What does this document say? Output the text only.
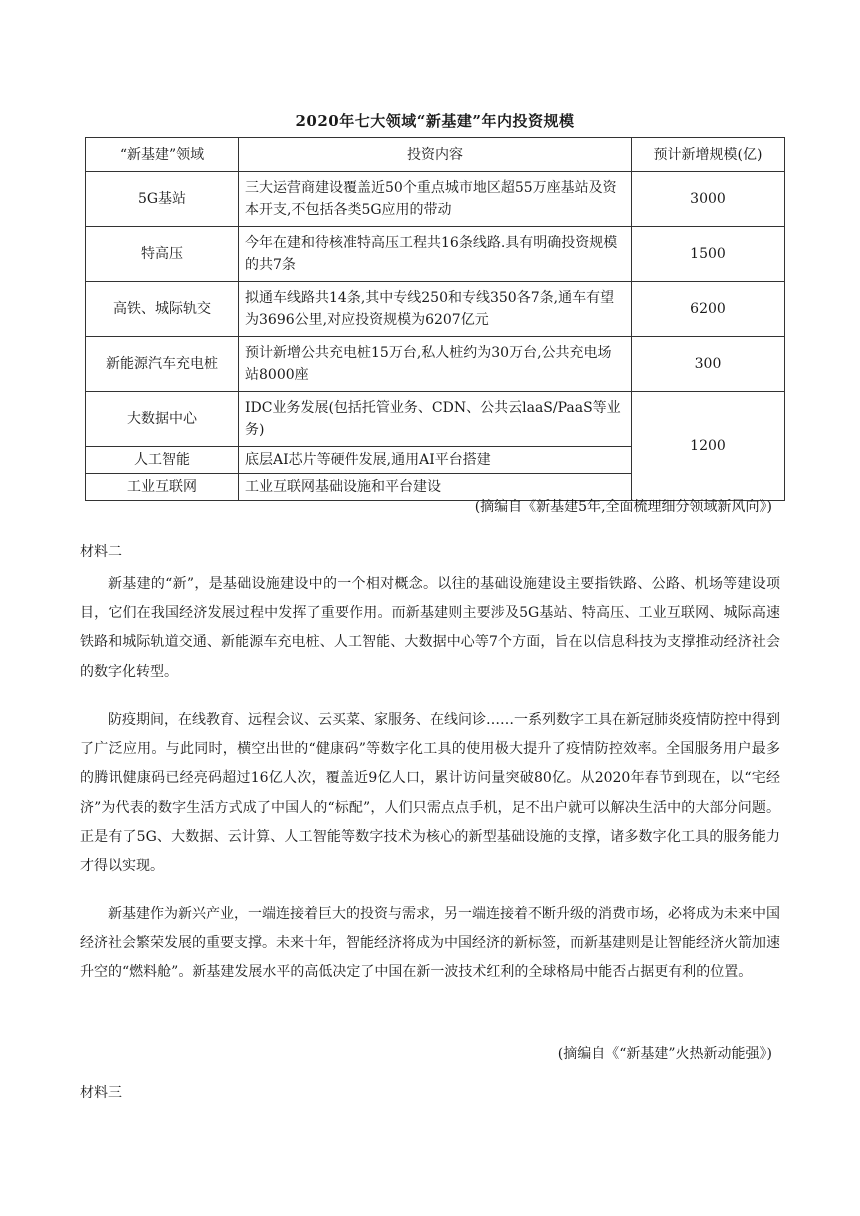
2020年七大领域“新基建”年内投资规模
“新基建”领域	投资内容	预计新增规模(亿)
5G基站	三大运营商建设覆盖近50个重点城市地区超55万座基站及资本开支,不包括各类5G应用的带动	3000
特高压	今年在建和待核准特高压工程共16条线路.具有明确投资规模的共7条	1500
高铁、城际轨交	拟通车线路共14条,其中专线250和专线350各7条,通车有望为3696公里,对应投资规模为6207亿元	6200
新能源汽车充电桩	预计新增公共充电桩15万台,私人桩约为30万台,公共充电场站8000座	300
大数据中心	IDC业务发展(包括托管业务、CDN、公共云laaS/PaaS等业务)	1200
人工智能	底层AI芯片等硬件发展,通用AI平台搭建	
工业互联网	工业互联网基础设施和平台建设	
(摘编自《新基建5年,全面梳理细分领域新风向》)
材料二

新基建的“新”，是基础设施建设中的一个相对概念。以往的基础设施建设主要指铁路、公路、机场等建设项目，它们在我国经济发展过程中发挥了重要作用。而新基建则主要涉及5G基站、特高压、工业互联网、城际高速铁路和城际轨道交通、新能源车充电桩、人工智能、大数据中心等7个方面，旨在以信息科技为支撑推动经济社会的数字化转型。

防疫期间，在线教育、远程会议、云买菜、家服务、在线问诊……一系列数字工具在新冠肺炎疫情防控中得到了广泛应用。与此同时，横空出世的“健康码”等数字化工具的使用极大提升了疫情防控效率。全国服务用户最多的腾讯健康码已经亮码超过16亿人次，覆盖近9亿人口，累计访问量突破80亿。从2020年春节到现在，以“宅经济”为代表的数字生活方式成了中国人的“标配”，人们只需点点手机，足不出户就可以解决生活中的大部分问题。正是有了5G、大数据、云计算、人工智能等数字技术为核心的新型基础设施的支撑，诸多数字化工具的服务能力才得以实现。

新基建作为新兴产业，一端连接着巨大的投资与需求，另一端连接着不断升级的消费市场，必将成为未来中国经济社会繁荣发展的重要支撑。未来十年，智能经济将成为中国经济的新标签，而新基建则是让智能经济火箭加速升空的“燃料舱”。新基建发展水平的高低决定了中国在新一波技术红利的全球格局中能否占据更有利的位置。

(摘编自《“新基建”火热新动能强》)
材料三
